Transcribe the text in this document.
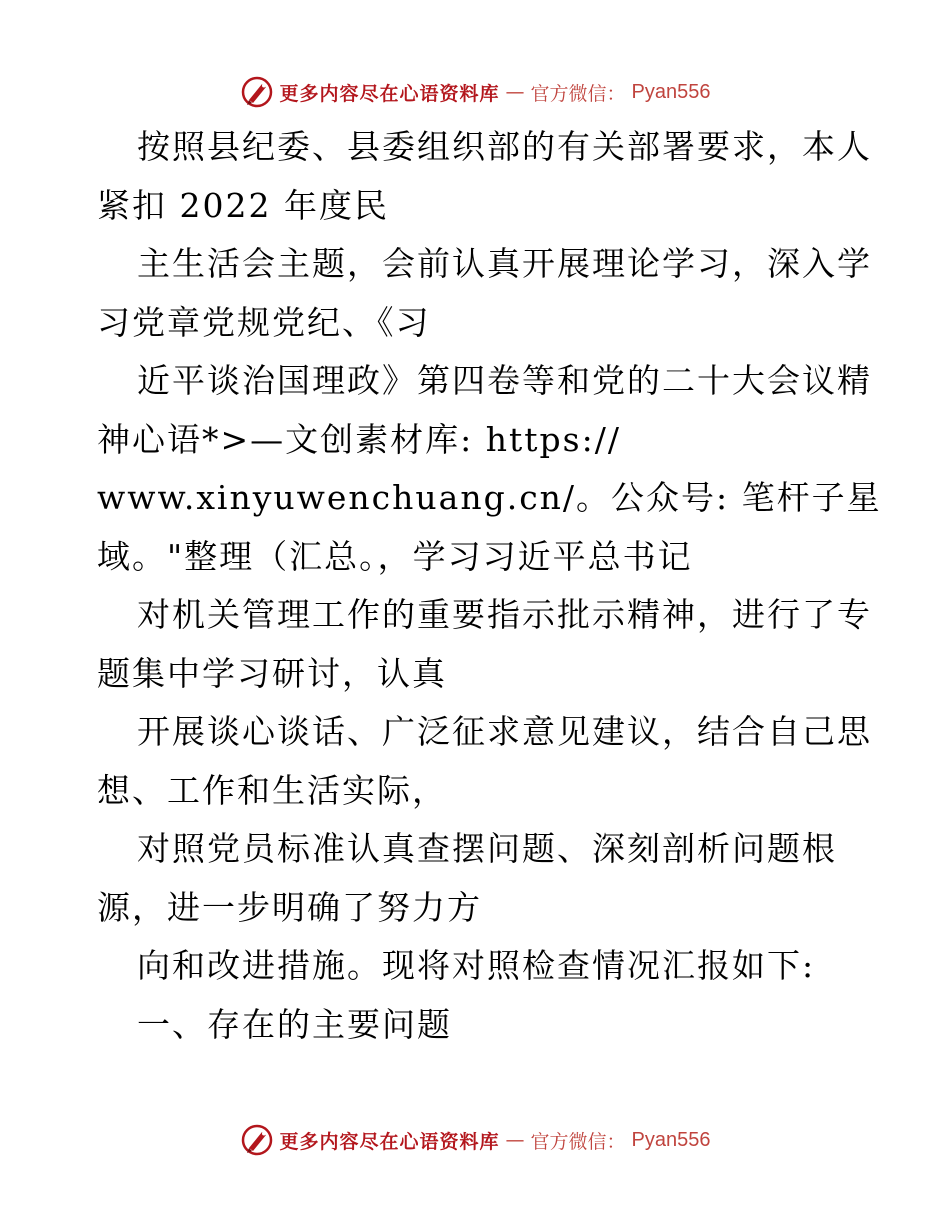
更多内容尽在心语资料库 — 官方微信： Pyan556
按照县纪委、县委组织部的有关部署要求，本人
紧扣 2022 年度民
主生活会主题，会前认真开展理论学习，深入学
习党章党规党纪、《习
近平谈治国理政》第四卷等和党的二十大会议精
神心语*>—文创素材库: https://
www.xinyuwenchuang.cn/。公众号: 笔杆子星
域。"整理（汇总。，学习习近平总书记
对机关管理工作的重要指示批示精神，进行了专
题集中学习研讨，认真
开展谈心谈话、广泛征求意见建议，结合自己思
想、工作和生活实际，
对照党员标准认真查摆问题、深刻剖析问题根
源，进一步明确了努力方
向和改进措施。现将对照检查情况汇报如下:
一、存在的主要问题
更多内容尽在心语资料库 — 官方微信： Pyan556
